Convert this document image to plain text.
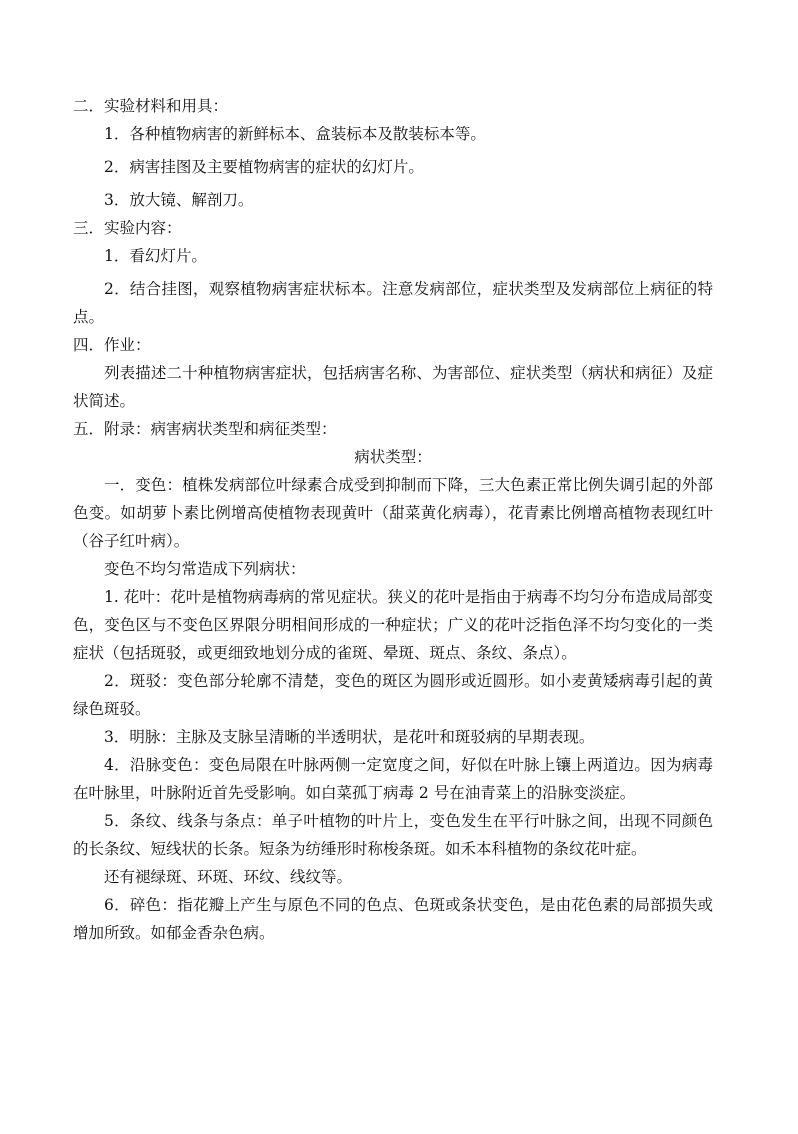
二．实验材料和用具：

1．各种植物病害的新鲜标本、盒装标本及散装标本等。

2．病害挂图及主要植物病害的症状的幻灯片。

3．放大镜、解剖刀。

三．实验内容：

1．看幻灯片。

2．结合挂图，观察植物病害症状标本。注意发病部位，症状类型及发病部位上病征的特点。

四．作业：

列表描述二十种植物病害症状，包括病害名称、为害部位、症状类型（病状和病征）及症状简述。

五．附录：病害病状类型和病征类型：

病状类型：

一．变色：植株发病部位叶绿素合成受到抑制而下降，三大色素正常比例失调引起的外部色变。如胡萝卜素比例增高使植物表现黄叶（甜菜黄化病毒），花青素比例增高植物表现红叶（谷子红叶病）。

变色不均匀常造成下列病状：

1. 花叶：花叶是植物病毒病的常见症状。狭义的花叶是指由于病毒不均匀分布造成局部变色，变色区与不变色区界限分明相间形成的一种症状；广义的花叶泛指色泽不均匀变化的一类症状（包括斑驳，或更细致地划分成的雀斑、晕斑、斑点、条纹、条点）。

2．斑驳：变色部分轮廓不清楚，变色的斑区为圆形或近圆形。如小麦黄矮病毒引起的黄绿色斑驳。

3．明脉：主脉及支脉呈清晰的半透明状，是花叶和斑驳病的早期表现。

4．沿脉变色：变色局限在叶脉两侧一定宽度之间，好似在叶脉上镶上两道边。因为病毒在叶脉里，叶脉附近首先受影响。如白菜孤丁病毒 2 号在油青菜上的沿脉变淡症。

5．条纹、线条与条点：单子叶植物的叶片上，变色发生在平行叶脉之间，出现不同颜色的长条纹、短线状的长条。短条为纺缍形时称梭条斑。如禾本科植物的条纹花叶症。

还有褪绿斑、环斑、环纹、线纹等。

6．碎色：指花瓣上产生与原色不同的色点、色斑或条状变色，是由花色素的局部损失或增加所致。如郁金香杂色病。
